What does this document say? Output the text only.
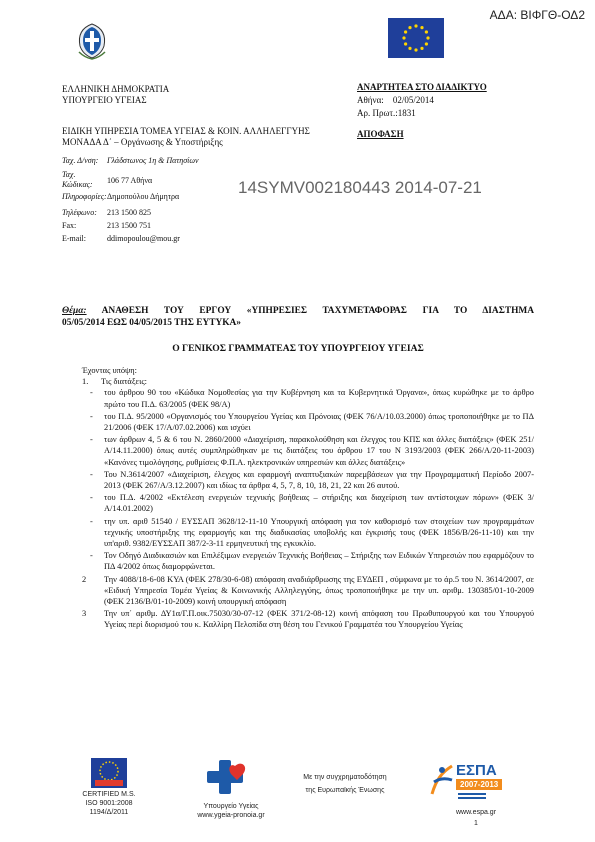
ΑΔΑ: ΒΙΦΓΘ-ΟΔ2
ΕΛΛΗΝΙΚΗ ΔΗΜΟΚΡΑΤΙΑ
ΥΠΟΥΡΓΕΙΟ ΥΓΕΙΑΣ
ΕΙΔΙΚΗ ΥΠΗΡΕΣΙΑ ΤΟΜΕΑ ΥΓΕΙΑΣ & ΚΟΙΝ. ΑΛΛΗΛΕΓΓΥΗΣ
ΜΟΝΑΔΑ Δ΄ – Οργάνωσης & Υποστήριξης
Ταχ. Δ/νση:	Γλάδστωνος 1η & Πατησίων
Ταχ. Κώδικας:	106 77 Αθήνα
Πληροφορίες: Δημοπούλου Δήμητρα
Τηλέφωνο:	213 1500 825
Fax:	213 1500 751
E-mail:	ddimopoulou@mou.gr
ΑΝΑΡΤΗΤΕΑ ΣΤΟ ΔΙΑΔΙΚΤΥΟ
Αθήνα: 02/05/2014
Αρ. Πρωτ.:1831
ΑΠΟΦΑΣΗ
14SYMV002180443 2014-07-21
Θέμα: ΑΝΑΘΕΣΗ ΤΟΥ ΕΡΓΟΥ «ΥΠΗΡΕΣΙΕΣ ΤΑΧΥΜΕΤΑΦΟΡΑΣ ΓΙΑ ΤΟ ΔΙΑΣΤΗΜΑ
05/05/2014 ΕΩΣ 04/05/2015 ΤΗΣ ΕΥΤΥΚΑ»
Ο ΓΕΝΙΚΟΣ ΓΡΑΜΜΑΤΕΑΣ ΤΟΥ ΥΠΟΥΡΓΕΙΟΥ ΥΓΕΙΑΣ
Έχοντας υπόψη:
1. Τις διατάξεις:
- του άρθρου 90 του «Κώδικα Νομοθεσίας για την Κυβέρνηση και τα Κυβερνητικά Όργανα», όπως κυρώθηκε με το άρθρο πρώτο του Π.Δ. 63/2005 (ΦΕΚ 98/Α)
- του Π.Δ. 95/2000 «Οργανισμός του Υπουργείου Υγείας και Πρόνοιας (ΦΕΚ 76/Α/10.03.2000) όπως τροποποιήθηκε με το ΠΔ 21/2006 (ΦΕΚ 17/Α/07.02.2006) και ισχύει
- των άρθρων 4, 5 & 6 του Ν. 2860/2000 «Διαχείριση, παρακολούθηση και έλεγχος του ΚΠΣ και άλλες διατάξεις» (ΦΕΚ 251/Α/14.11.2000) όπως αυτές συμπληρώθηκαν με τις διατάξεις του άρθρου 17 του Ν 3193/2003 (ΦΕΚ 266/Α/20-11-2003) «Κανόνες τιμολόγησης, ρυθμίσεις Φ.Π.Α. ηλεκτρονικών υπηρεσιών και άλλες διατάξεις»
- Του Ν.3614/2007 «Διαχείριση, έλεγχος και εφαρμογή αναπτυξιακών παρεμβάσεων για την Προγραμματική Περίοδο 2007-2013 (ΦΕΚ 267/Α/3.12.2007) και ιδίως τα άρθρα 4, 5, 7, 8, 10, 18, 21, 22 και 26 αυτού.
- του Π.Δ. 4/2002 «Εκτέλεση ενεργειών τεχνικής βοήθειας – στήριξης και διαχείριση των αντίστοιχων πόρων» (ΦΕΚ 3/Α/14.01.2002)
- την υπ. αριθ 51540 / ΕΥΣΣΑΠ 3628/12-11-10 Υπουργική απόφαση για τον καθορισμό των στοιχείων των προγραμμάτων τεχνικής υποστήριξης της εφαρμογής και της διαδικασίας υποβολής και έγκρισής τους (ΦΕΚ 1856/Β/26-11-10) και την υπ'αριθ. 9382/ΕΥΣΣΑΠ 387/2-3-11 ερμηνευτική της εγκυκλίο.
- Τον Οδηγό Διαδικασιών και Επιλέξιμων ενεργειών Τεχνικής Βοήθειας – Στήριξης των Ειδικών Υπηρεσιών που εφαρμόζουν το ΠΔ 4/2002 όπως διαμορφώνεται.
2 Την 4088/18-6-08 ΚΥΑ (ΦΕΚ 278/30-6-08) απόφαση αναδιάρθρωσης της ΕΥΔΕΠ , σύμφωνα με το άρ.5 του Ν. 3614/2007, σε «Ειδική Υπηρεσία Τομέα Υγείας & Κοινωνικής Αλληλεγγύης, όπως τροποποιήθηκε με την υπ. αριθμ. 130385/01-10-2009 (ΦΕΚ 2136/Β/01-10-2009) κοινή υπουργική απόφαση
3 Την υπ΄ αριθμ. ΔΥ1α/Γ.Π.οικ.75030/30-07-12 (ΦΕΚ 371/2-08-12) κοινή απόφαση του Πρωθυπουργού και του Υπουργού Υγείας περί διορισμού του κ. Καλλίρη Πελοπίδα στη θέση του Γενικού Γραμματέα του Υπουργείου Υγείας
CERTIFIED M.S.
ISO 9001:2008
1194/Δ/2011
Υπουργείο Υγείας
www.ygeia-pronoia.gr
Με την συγχρηματοδότηση
της Ευρωπαϊκής Ένωσης
ΕΣΠΑ
2007-2013
www.espa.gr
1
